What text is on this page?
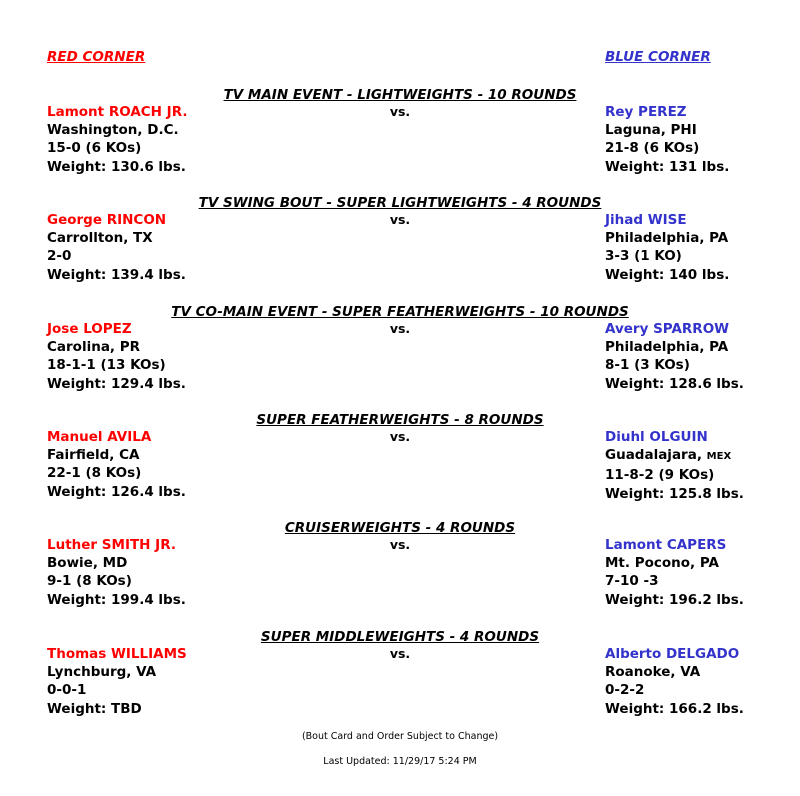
RED CORNER	BLUE CORNER
TV MAIN EVENT - LIGHTWEIGHTS - 10 ROUNDS
vs.
Lamont ROACH JR.
Washington, D.C.
15-0 (6 KOs)
Weight: 130.6 lbs.
Rey PEREZ
Laguna, PHI
21-8 (6 KOs)
Weight: 131 lbs.
TV SWING BOUT - SUPER LIGHTWEIGHTS - 4 ROUNDS
vs.
George RINCON
Carrollton, TX
2-0
Weight: 139.4 lbs.
Jihad WISE
Philadelphia, PA
3-3 (1 KO)
Weight: 140 lbs.
TV CO-MAIN EVENT - SUPER FEATHERWEIGHTS - 10 ROUNDS
vs.
Jose LOPEZ
Carolina, PR
18-1-1 (13 KOs)
Weight: 129.4 lbs.
Avery SPARROW
Philadelphia, PA
8-1 (3 KOs)
Weight: 128.6 lbs.
SUPER FEATHERWEIGHTS - 8 ROUNDS
vs.
Manuel AVILA
Fairfield, CA
22-1 (8 KOs)
Weight: 126.4 lbs.
Diuhl OLGUIN
Guadalajara, MEX
11-8-2 (9 KOs)
Weight: 125.8 lbs.
CRUISERWEIGHTS - 4 ROUNDS
vs.
Luther SMITH JR.
Bowie, MD
9-1 (8 KOs)
Weight: 199.4 lbs.
Lamont CAPERS
Mt. Pocono, PA
7-10 -3
Weight: 196.2 lbs.
SUPER MIDDLEWEIGHTS - 4 ROUNDS
vs.
Thomas WILLIAMS
Lynchburg, VA
0-0-1
Weight: TBD
Alberto DELGADO
Roanoke, VA
0-2-2
Weight: 166.2 lbs.
(Bout Card and Order Subject to Change)
Last Updated: 11/29/17 5:24 PM
